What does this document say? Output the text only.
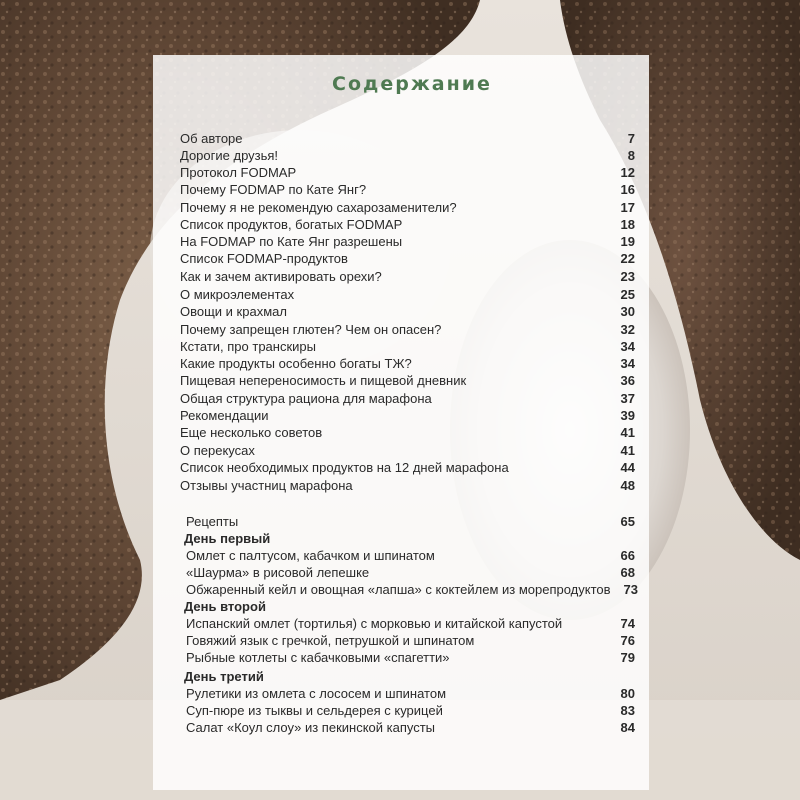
Содержание
Об авторе	7
Дорогие друзья!	8
Протокол FODMAP	12
Почему FODMAP по Кате Янг?	16
Почему я не рекомендую сахарозаменители?	17
Список продуктов, богатых FODMAP	18
На FODMAP по Кате Янг разрешены	19
Список FODMAP-продуктов	22
Как и зачем активировать орехи?	23
О микроэлементах	25
Овощи и крахмал	30
Почему запрещен глютен? Чем он опасен?	32
Кстати, про транскиры	34
Какие продукты особенно богаты ТЖ?	34
Пищевая непереносимость и пищевой дневник	36
Общая структура рациона для марафона	37
Рекомендации	39
Еще несколько советов	41
О перекусах	41
Список необходимых продуктов на 12 дней марафона	44
Отзывы участниц марафона	48
Рецепты	65
День первый
Омлет с палтусом, кабачком и шпинатом	66
«Шаурма» в рисовой лепешке	68
Обжаренный кейл и овощная «лапша» с коктейлем из морепродуктов 73
День второй
Испанский омлет (тортилья) с морковью и китайской капустой	74
Говяжий язык с гречкой, петрушкой и шпинатом	76
Рыбные котлеты с кабачковыми «спагетти»	79
День третий
Рулетики из омлета с лососем и шпинатом	80
Суп-пюре из тыквы и сельдерея с курицей	83
Салат «Коул слоу» из пекинской капусты	84
